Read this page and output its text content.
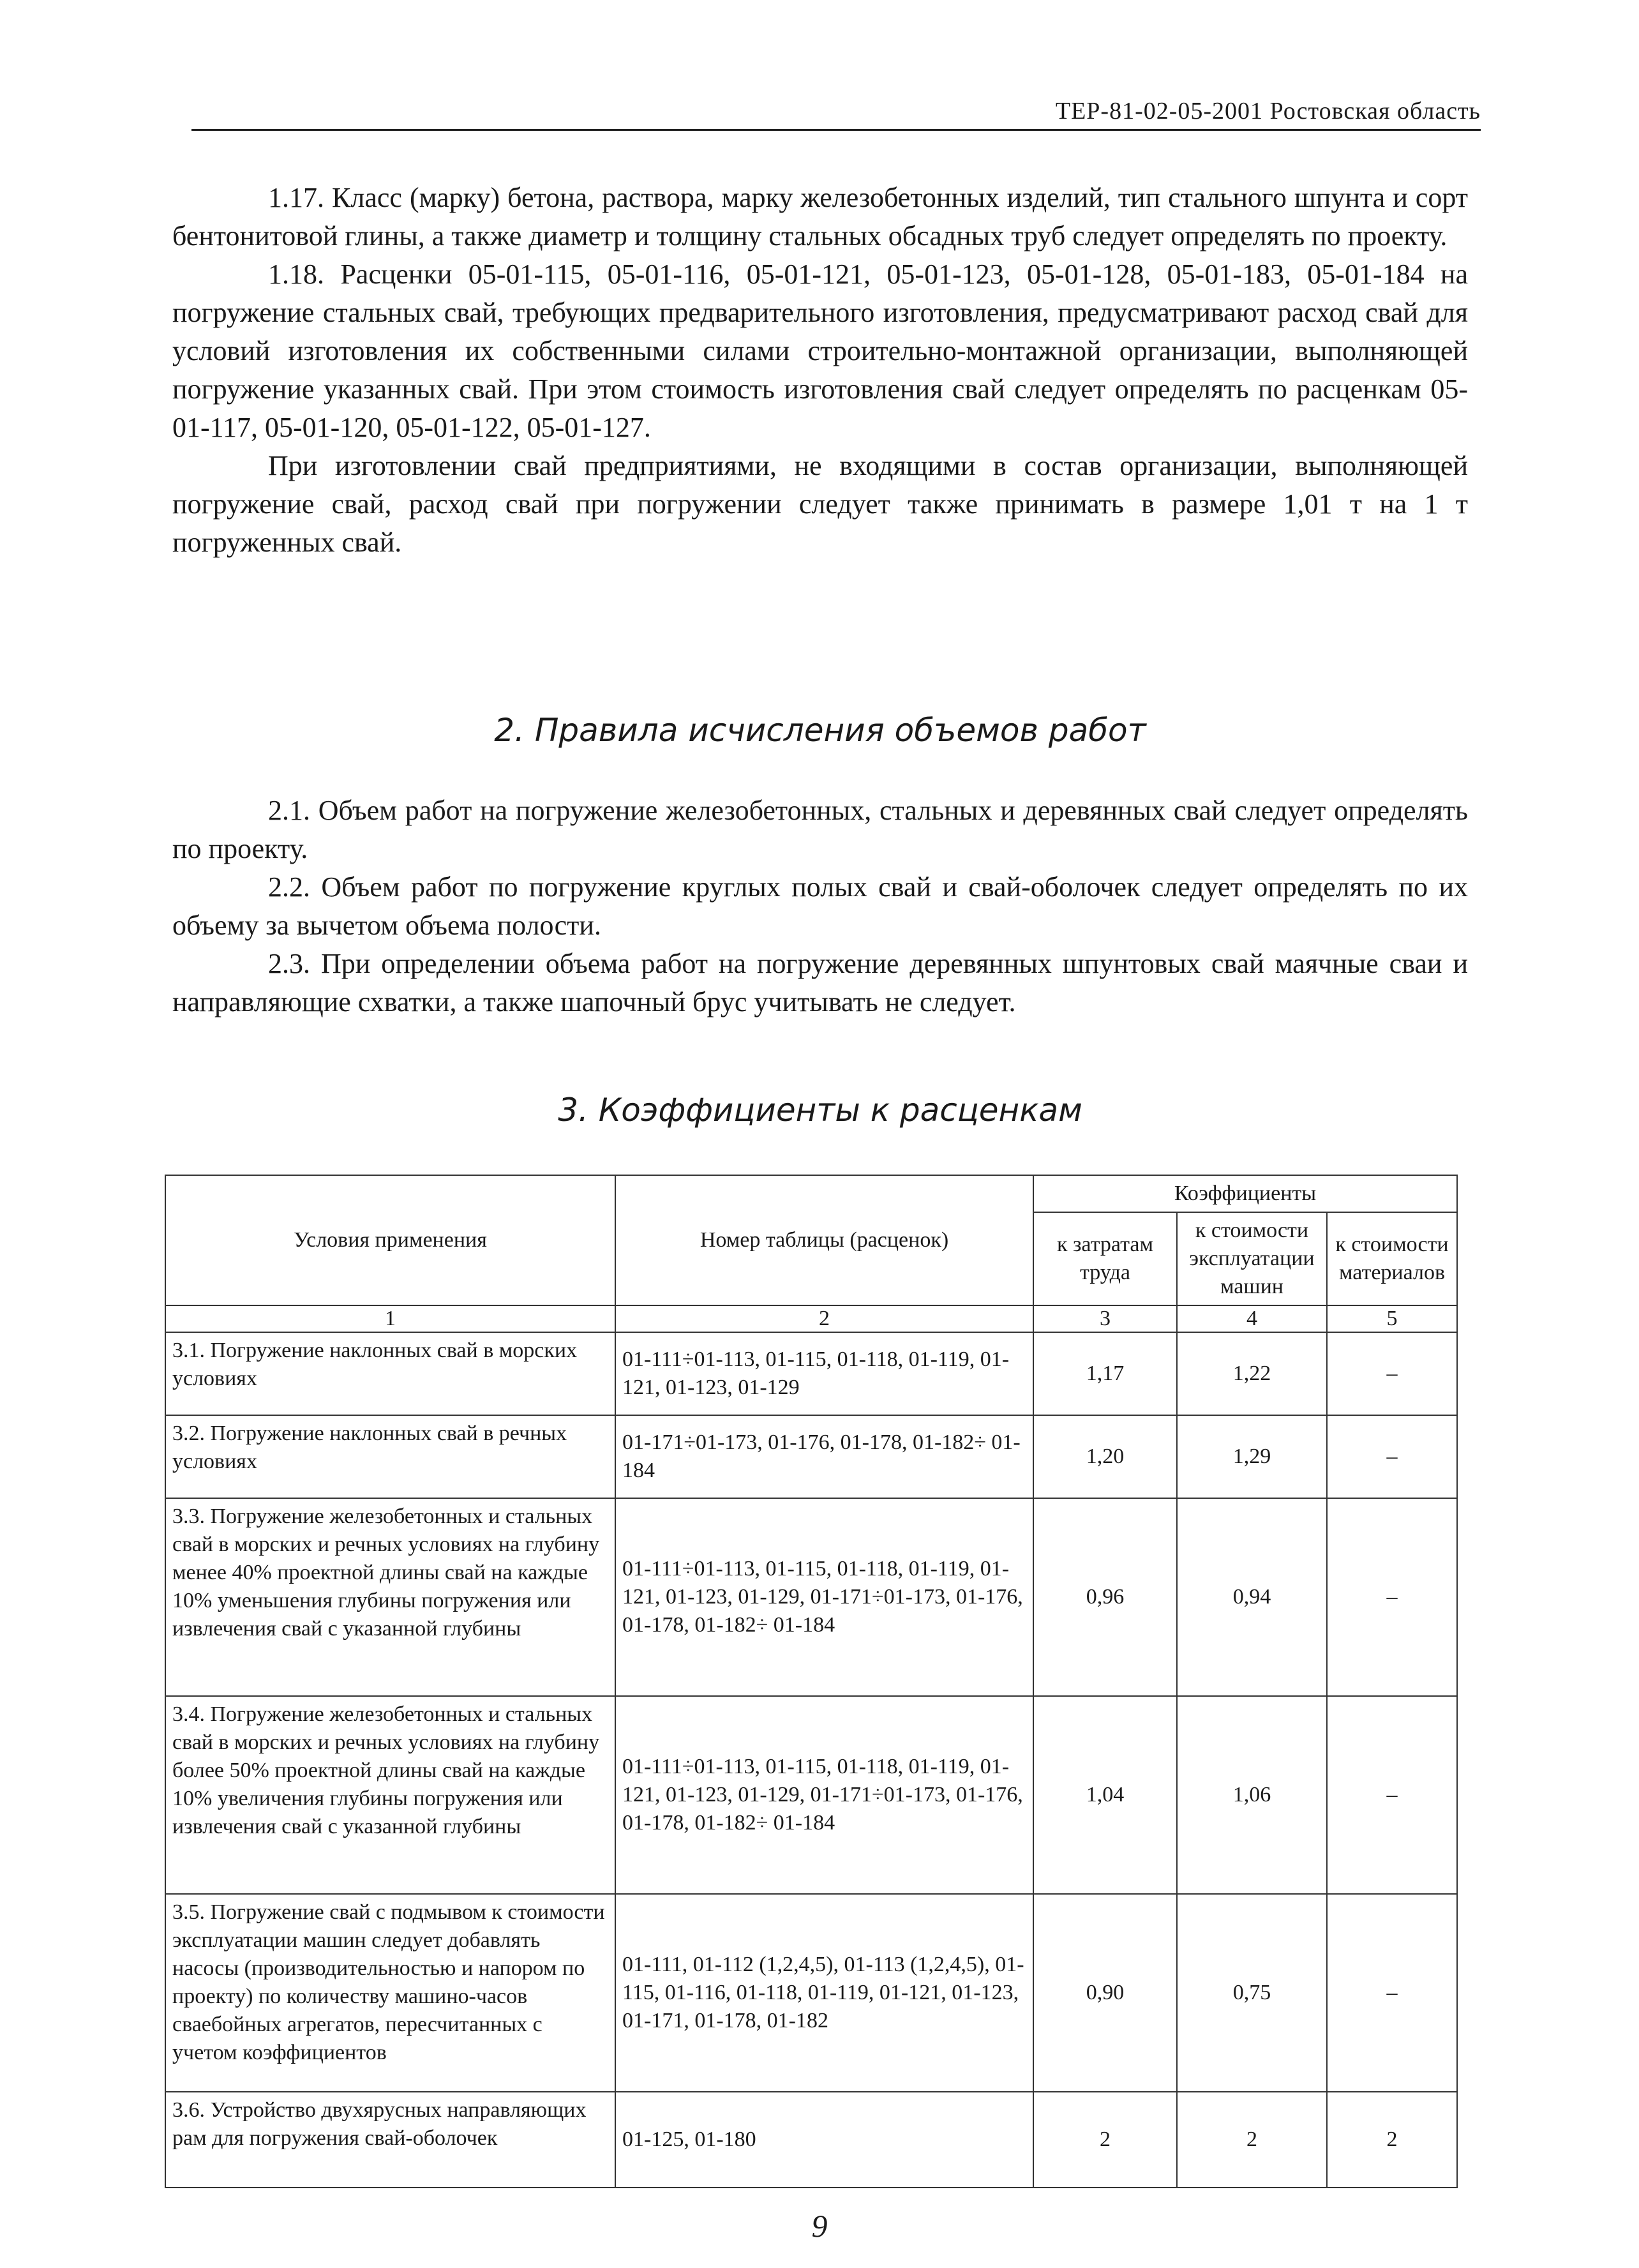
ТЕР-81-02-05-2001 Ростовская область

1.17. Класс (марку) бетона, раствора, марку железобетонных изделий, тип стального шпунта и сорт бентонитовой глины, а также диаметр и толщину стальных обсадных труб следует определять по проекту.

1.18. Расценки 05-01-115, 05-01-116, 05-01-121, 05-01-123, 05-01-128, 05-01-183, 05-01-184 на погружение стальных свай, требующих предварительного изготовления, предусматривают расход свай для условий изготовления их собственными силами строительно-монтажной организации, выполняющей погружение указанных свай. При этом стоимость изготовления свай следует определять по расценкам 05-01-117, 05-01-120, 05-01-122, 05-01-127.

При изготовлении свай предприятиями, не входящими в состав организации, выполняющей погружение свай, расход свай при погружении следует также принимать в размере 1,01 т на 1 т погруженных свай.

2. Правила исчисления объемов работ

2.1. Объем работ на погружение железобетонных, стальных и деревянных свай следует определять по проекту.

2.2. Объем работ по погружение круглых полых свай и свай-оболочек следует определять по их объему за вычетом объема полости.

2.3. При определении объема работ на погружение деревянных шпунтовых свай маячные сваи и направляющие схватки, а также шапочный брус учитывать не следует.

3. Коэффициенты к расценкам
Условия применения	Номер таблицы (расценок)	Коэффициенты		
		к затратам труда	к стоимости эксплуатации машин	к стоимости материалов
1	2	3	4	5
3.1. Погружение наклонных свай в морских условиях	01-111÷01-113, 01-115, 01-118, 01-119, 01-121, 01-123, 01-129	1,17	1,22	–
3.2. Погружение наклонных свай в речных условиях	01-171÷01-173, 01-176, 01-178, 01-182÷ 01-184	1,20	1,29	–
3.3. Погружение железобетонных и стальных свай в морских и речных условиях на глубину менее 40% проектной длины свай на каждые 10% уменьшения глубины погружения или извлечения свай с указанной глубины	01-111÷01-113, 01-115, 01-118, 01-119, 01-121, 01-123, 01-129, 01-171÷01-173, 01-176, 01-178, 01-182÷ 01-184	0,96	0,94	–
3.4. Погружение железобетонных и стальных свай в морских и речных условиях на глубину более 50% проектной длины свай на каждые 10% увеличения глубины погружения или извлечения свай с указанной глубины	01-111÷01-113, 01-115, 01-118, 01-119, 01-121, 01-123, 01-129, 01-171÷01-173, 01-176, 01-178, 01-182÷ 01-184	1,04	1,06	–
3.5. Погружение свай с подмывом к стоимости эксплуатации машин следует добавлять насосы (производительностью и напором по проекту) по количеству машино-часов сваебойных агрегатов, пересчитанных с учетом коэффициентов	01-111, 01-112 (1,2,4,5), 01-113 (1,2,4,5), 01-115, 01-116, 01-118, 01-119, 01-121, 01-123, 01-171, 01-178, 01-182	0,90	0,75	–
3.6. Устройство двухярусных направляющих рам для погружения свай-оболочек	01-125, 01-180	2	2	2
9
